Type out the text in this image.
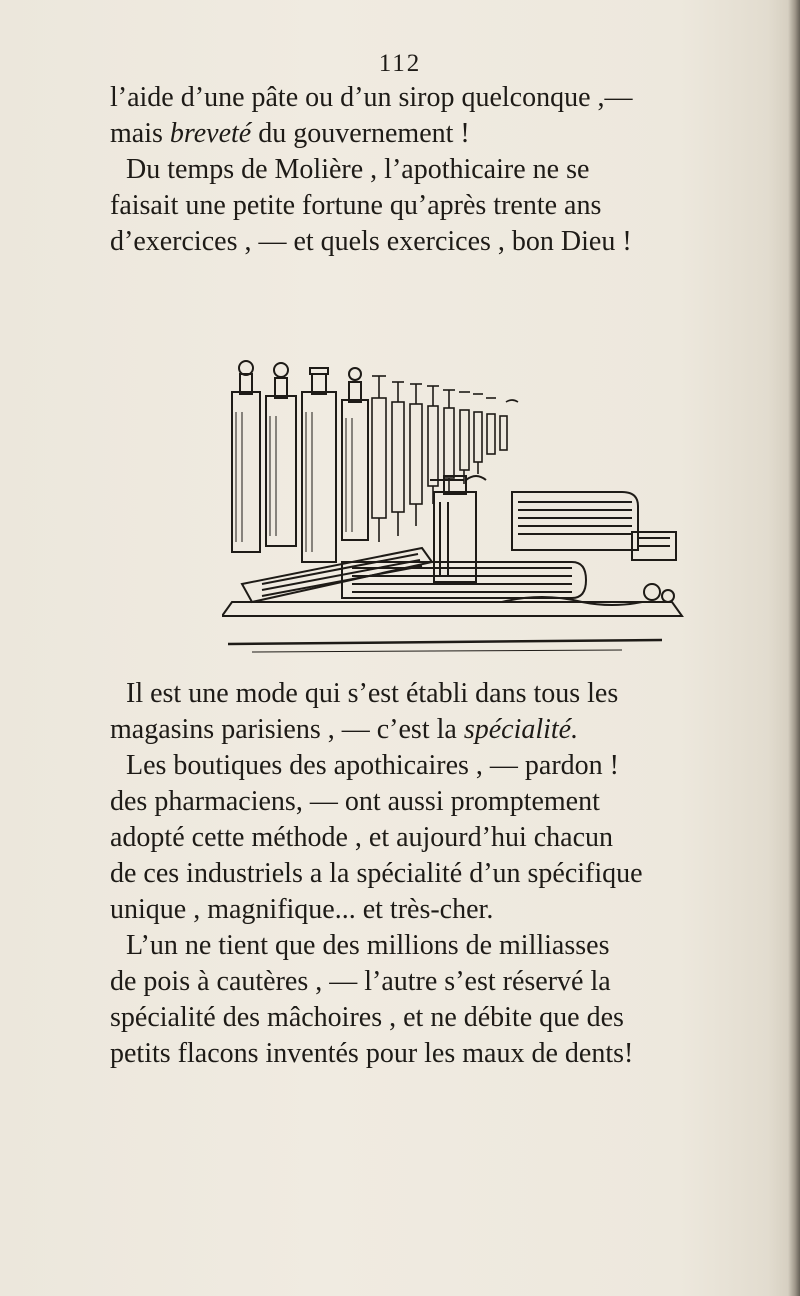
112
l’aide d’une pâte ou d’un sirop quelconque ,—
mais breveté du gouvernement !
Du temps de Molière , l’apothicaire ne se
faisait une petite fortune qu’après trente ans
d’exercices , — et quels exercices , bon Dieu !
Il est une mode qui s’est établi dans tous les
magasins parisiens , — c’est la spécialité.
Les boutiques des apothicaires , — pardon !
des pharmaciens, — ont aussi promptement
adopté cette méthode , et aujourd’hui chacun
de ces industriels a la spécialité d’un spécifique
unique , magnifique... et très-cher.
L’un ne tient que des millions de milliasses
de pois à cautères , — l’autre s’est réservé la
spécialité des mâchoires , et ne débite que des
petits flacons inventés pour les maux de dents!
